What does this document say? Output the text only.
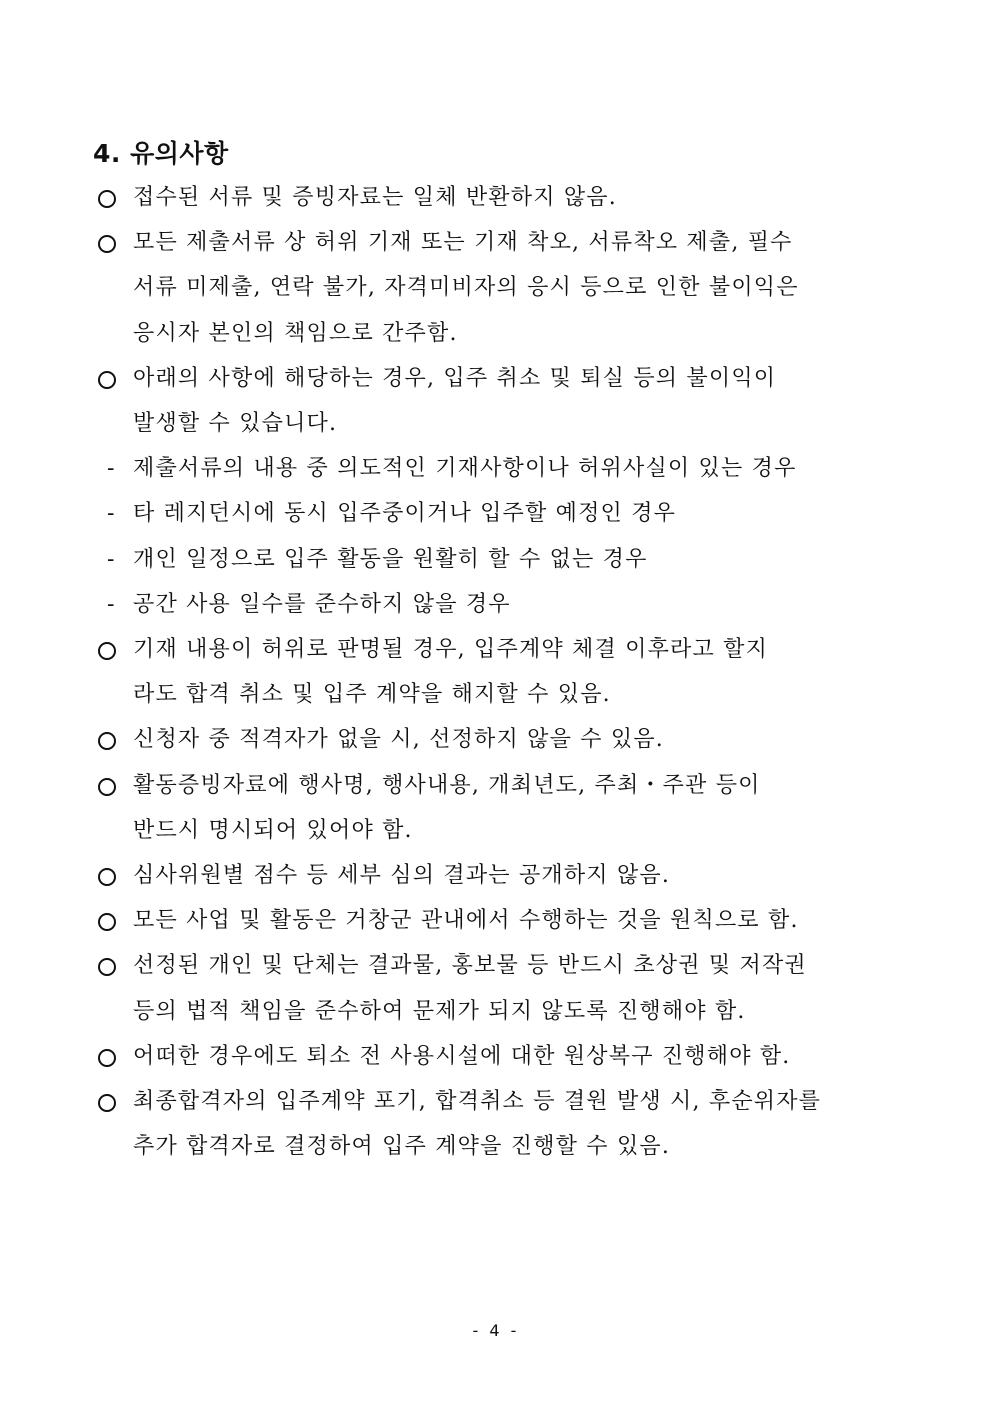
4. 유의사항
접수된 서류 및 증빙자료는 일체 반환하지 않음.
모든 제출서류 상 허위 기재 또는 기재 착오, 서류착오 제출, 필수
서류 미제출, 연락 불가, 자격미비자의 응시 등으로 인한 불이익은
응시자 본인의 책임으로 간주함.
아래의 사항에 해당하는 경우, 입주 취소 및 퇴실 등의 불이익이
발생할 수 있습니다.
- 제출서류의 내용 중 의도적인 기재사항이나 허위사실이 있는 경우
- 타 레지던시에 동시 입주중이거나 입주할 예정인 경우
- 개인 일정으로 입주 활동을 원활히 할 수 없는 경우
- 공간 사용 일수를 준수하지 않을 경우
기재 내용이 허위로 판명될 경우, 입주계약 체결 이후라고 할지
라도 합격 취소 및 입주 계약을 해지할 수 있음.
신청자 중 적격자가 없을 시, 선정하지 않을 수 있음.
활동증빙자료에 행사명, 행사내용, 개최년도, 주최・주관 등이
반드시 명시되어 있어야 함.
심사위원별 점수 등 세부 심의 결과는 공개하지 않음.
모든 사업 및 활동은 거창군 관내에서 수행하는 것을 원칙으로 함.
선정된 개인 및 단체는 결과물, 홍보물 등 반드시 초상권 및 저작권
등의 법적 책임을 준수하여 문제가 되지 않도록 진행해야 함.
어떠한 경우에도 퇴소 전 사용시설에 대한 원상복구 진행해야 함.
최종합격자의 입주계약 포기, 합격취소 등 결원 발생 시, 후순위자를
추가 합격자로 결정하여 입주 계약을 진행할 수 있음.
- 4 -
